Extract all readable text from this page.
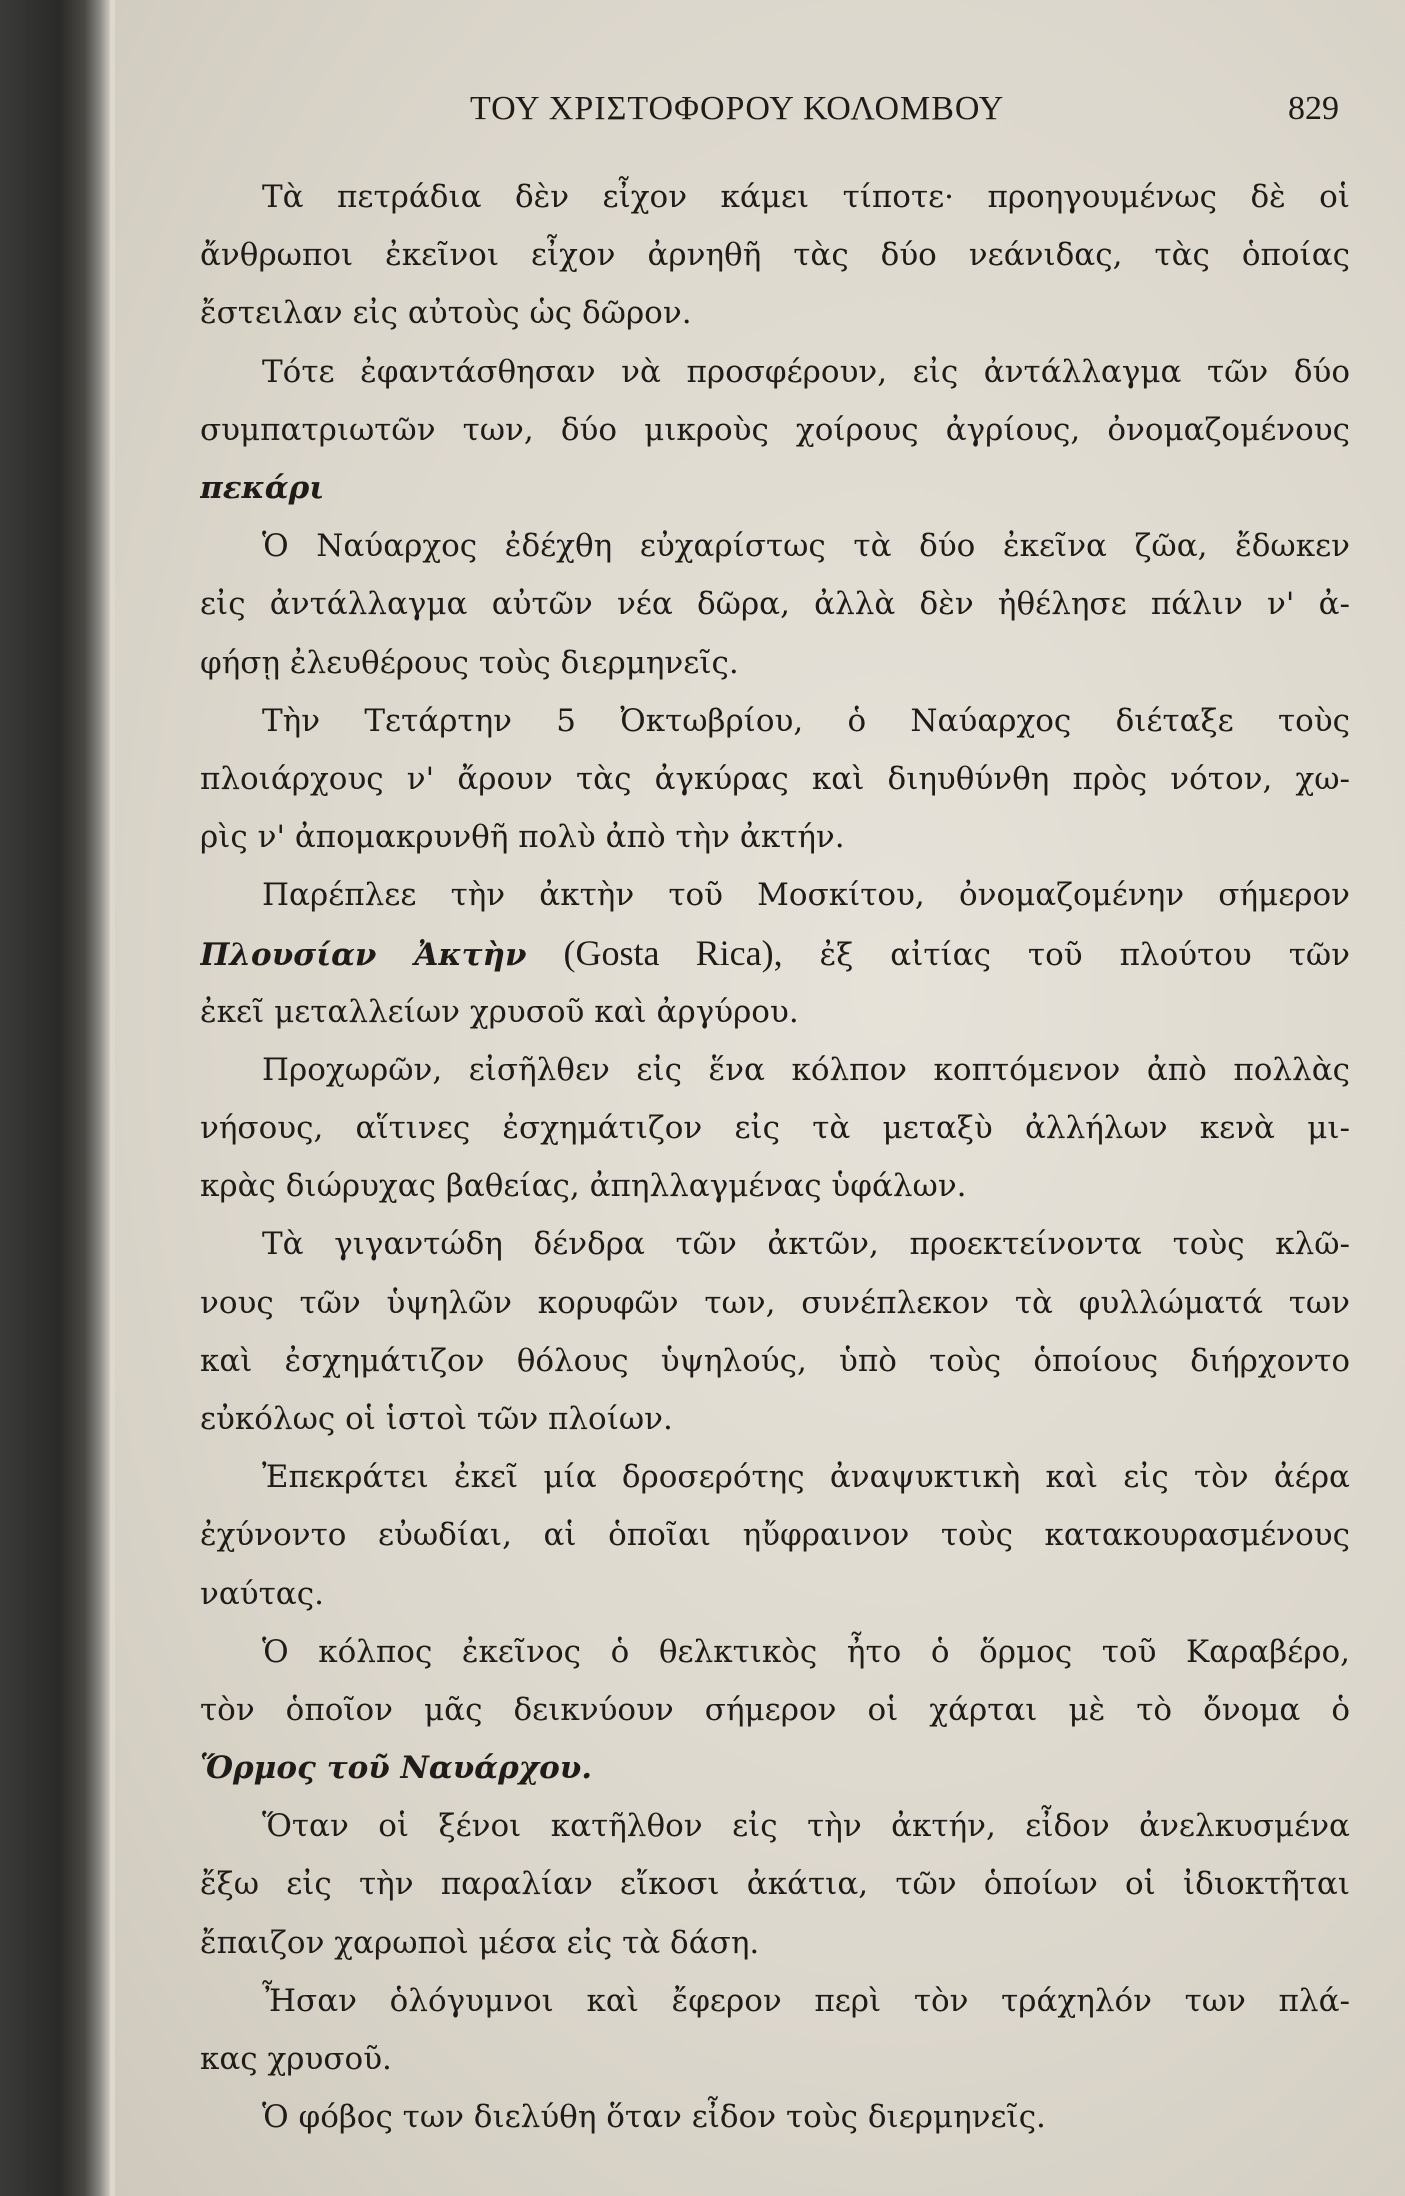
ΤΟΥ ΧΡΙΣΤΟΦΟΡΟΥ ΚΟΛΟΜΒΟΥ	829
Τὰ πετράδια δὲν εἶχον κάμει τίποτε· προηγουμένως δὲ οἱ
ἄνθρωποι ἐκεῖνοι εἶχον ἀρνηθῆ τὰς δύο νεάνιδας, τὰς ὁποίας
ἔστειλαν εἰς αὐτοὺς ὡς δῶρον.
Τότε ἐφαντάσθησαν νὰ προσφέρουν, εἰς ἀντάλλαγμα τῶν δύο
συμπατριωτῶν των, δύο μικροὺς χοίρους ἀγρίους, ὀνομαζομένους
πεκάρι
Ὁ Ναύαρχος ἐδέχθη εὐχαρίστως τὰ δύο ἐκεῖνα ζῶα, ἔδωκεν
εἰς ἀντάλλαγμα αὐτῶν νέα δῶρα, ἀλλὰ δὲν ἠθέλησε πάλιν ν' ἀ-
φήσῃ ἐλευθέρους τοὺς διερμηνεῖς.
Τὴν Τετάρτην 5 Ὀκτωβρίου, ὁ Ναύαρχος διέταξε τοὺς
πλοιάρχους ν' ἄρουν τὰς ἀγκύρας καὶ διηυθύνθη πρὸς νότον, χω-
ρὶς ν' ἀπομακρυνθῆ πολὺ ἀπὸ τὴν ἀκτήν.
Παρέπλεε τὴν ἀκτὴν τοῦ Μοσκίτου, ὀνομαζομένην σήμερον
Πλουσίαν Ἀκτὴν (Gosta Rica), ἐξ αἰτίας τοῦ πλούτου τῶν
ἐκεῖ μεταλλείων χρυσοῦ καὶ ἀργύρου.
Προχωρῶν, εἰσῆλθεν εἰς ἕνα κόλπον κοπτόμενον ἀπὸ πολλὰς
νήσους, αἵτινες ἐσχημάτιζον εἰς τὰ μεταξὺ ἀλλήλων κενὰ μι-
κρὰς διώρυχας βαθείας, ἀπηλλαγμένας ὑφάλων.
Τὰ γιγαντώδη δένδρα τῶν ἀκτῶν, προεκτείνοντα τοὺς κλῶ-
νους τῶν ὑψηλῶν κορυφῶν των, συνέπλεκον τὰ φυλλώματά των
καὶ ἐσχημάτιζον θόλους ὑψηλούς, ὑπὸ τοὺς ὁποίους διήρχοντο
εὐκόλως οἱ ἱστοὶ τῶν πλοίων.
Ἐπεκράτει ἐκεῖ μία δροσερότης ἀναψυκτικὴ καὶ εἰς τὸν ἀέρα
ἐχύνοντο εὐωδίαι, αἱ ὁποῖαι ηὔφραινον τοὺς κατακουρασμένους
ναύτας.
Ὁ κόλπος ἐκεῖνος ὁ θελκτικὸς ἦτο ὁ ὅρμος τοῦ Καραβέρο,
τὸν ὁποῖον μᾶς δεικνύουν σήμερον οἱ χάρται μὲ τὸ ὄνομα ὁ
Ὅρμος τοῦ Ναυάρχου.
Ὅταν οἱ ξένοι κατῆλθον εἰς τὴν ἀκτήν, εἶδον ἀνελκυσμένα
ἔξω εἰς τὴν παραλίαν εἴκοσι ἀκάτια, τῶν ὁποίων οἱ ἰδιοκτῆται
ἔπαιζον χαρωποὶ μέσα εἰς τὰ δάση.
Ἦσαν ὁλόγυμνοι καὶ ἔφερον περὶ τὸν τράχηλόν των πλά-
κας χρυσοῦ.
Ὁ φόβος των διελύθη ὅταν εἶδον τοὺς διερμηνεῖς.
